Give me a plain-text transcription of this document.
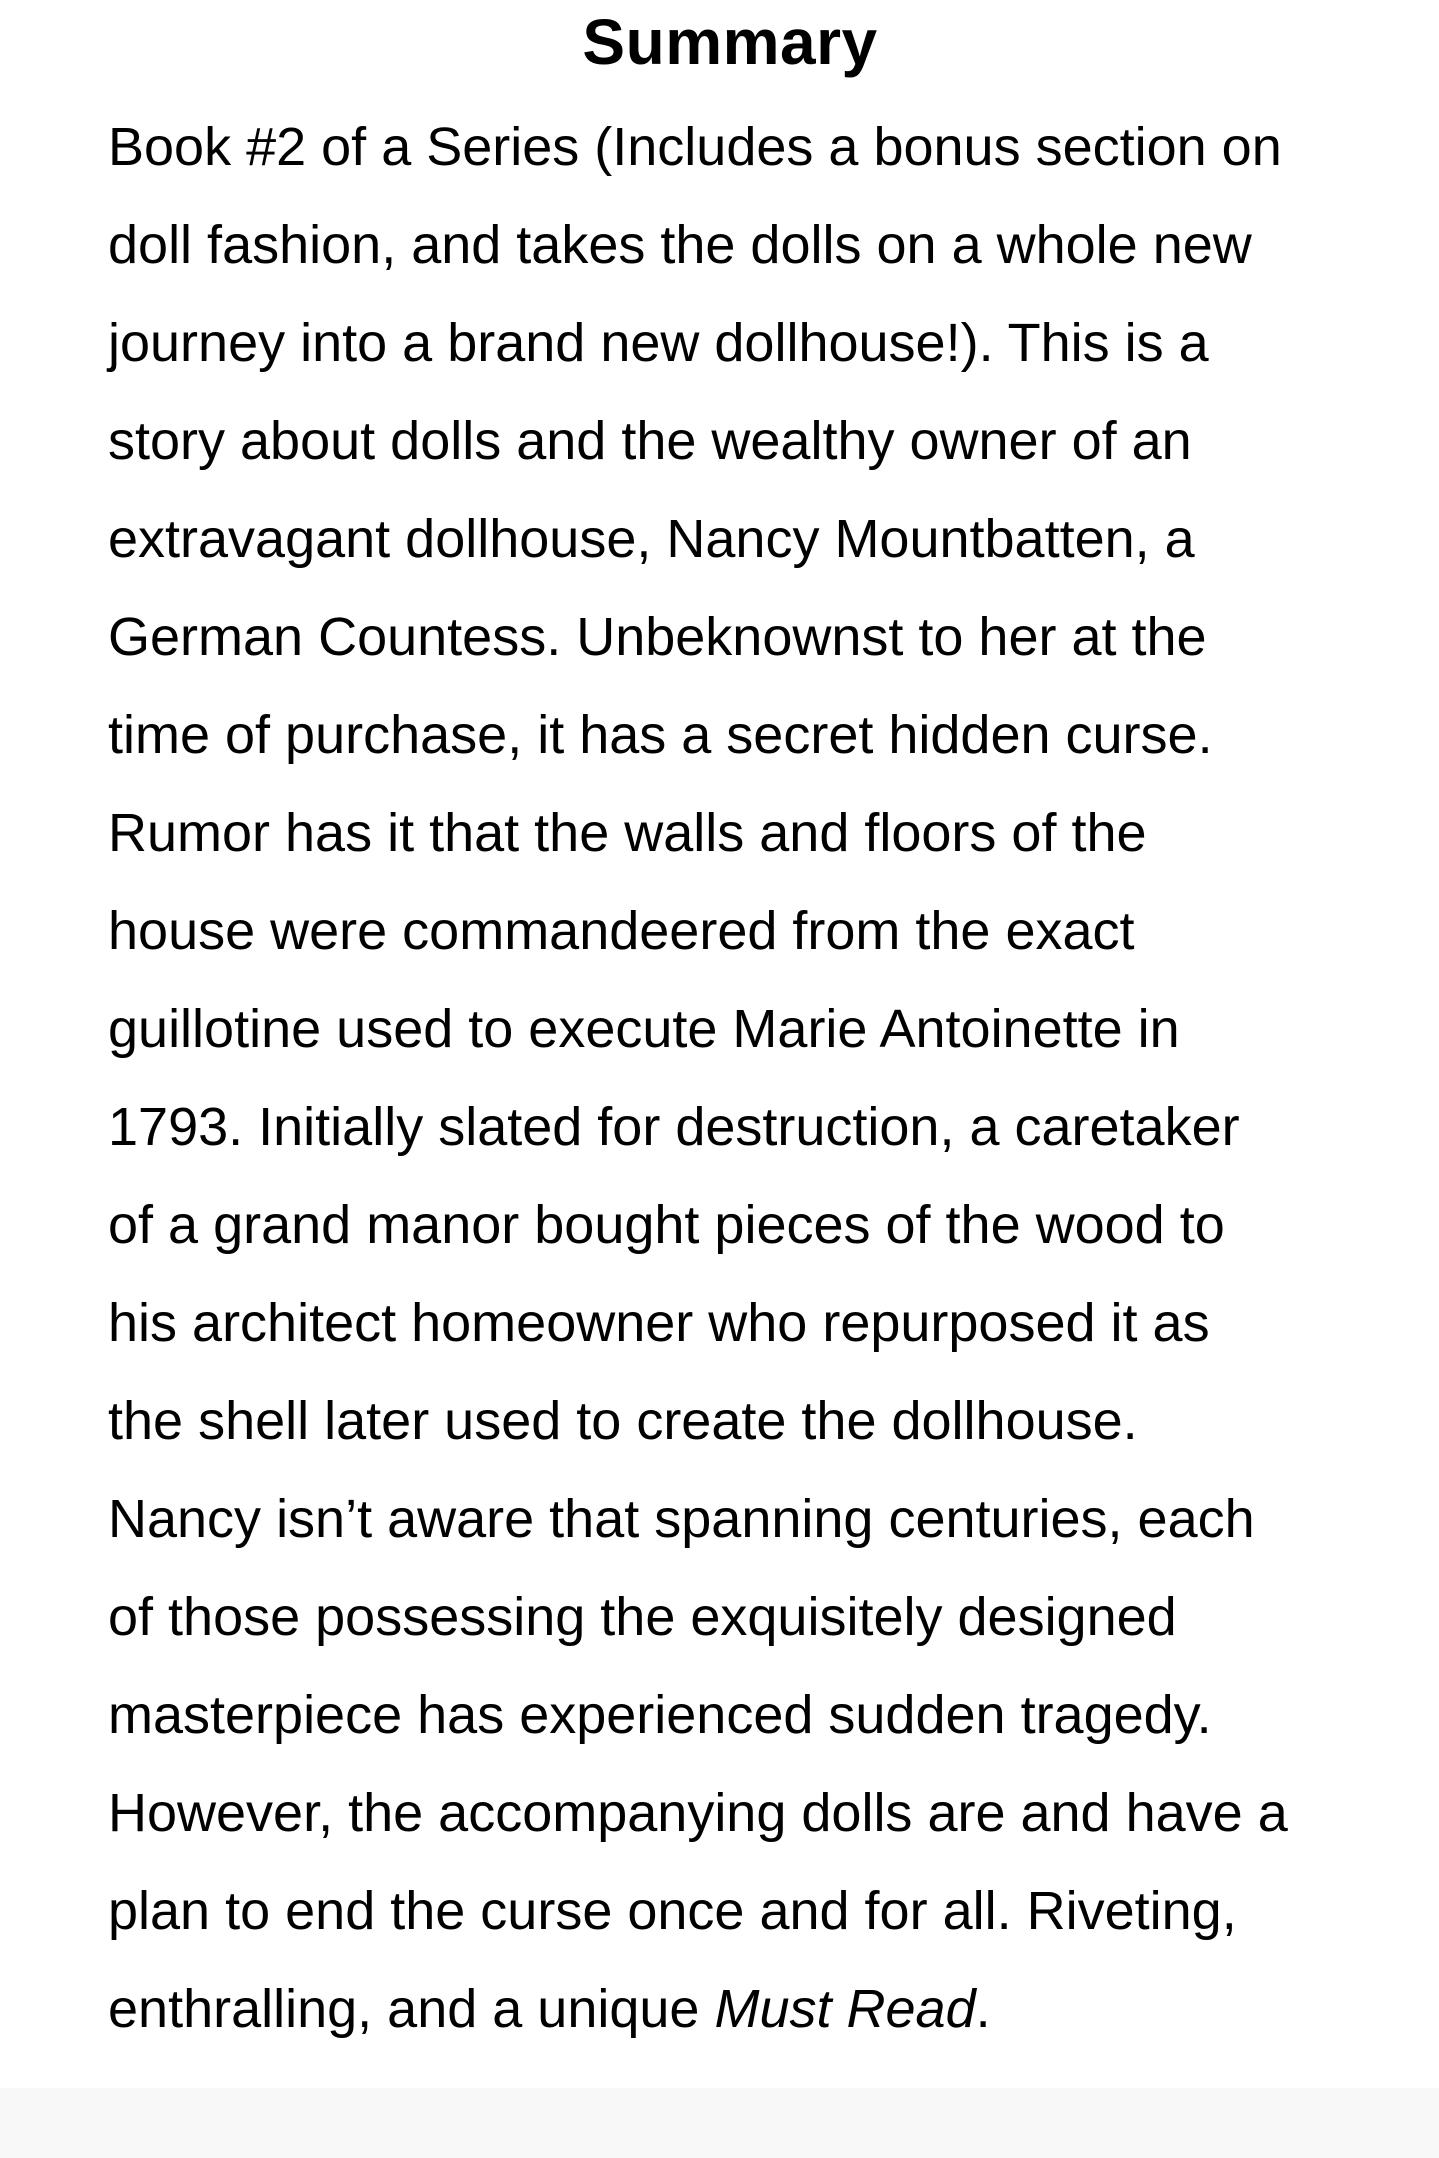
Summary
Book #2 of a Series (Includes a bonus section on
doll fashion, and takes the dolls on a whole new
journey into a brand new dollhouse!). This is a
story about dolls and the wealthy owner of an
extravagant dollhouse, Nancy Mountbatten, a
German Countess. Unbeknownst to her at the
time of purchase, it has a secret hidden curse.
Rumor has it that the walls and floors of the
house were commandeered from the exact
guillotine used to execute Marie Antoinette in
1793. Initially slated for destruction, a caretaker
of a grand manor bought pieces of the wood to
his architect homeowner who repurposed it as
the shell later used to create the dollhouse.
Nancy isn’t aware that spanning centuries, each
of those possessing the exquisitely designed
masterpiece has experienced sudden tragedy.
However, the accompanying dolls are and have a
plan to end the curse once and for all. Riveting,
enthralling, and a unique Must Read.
